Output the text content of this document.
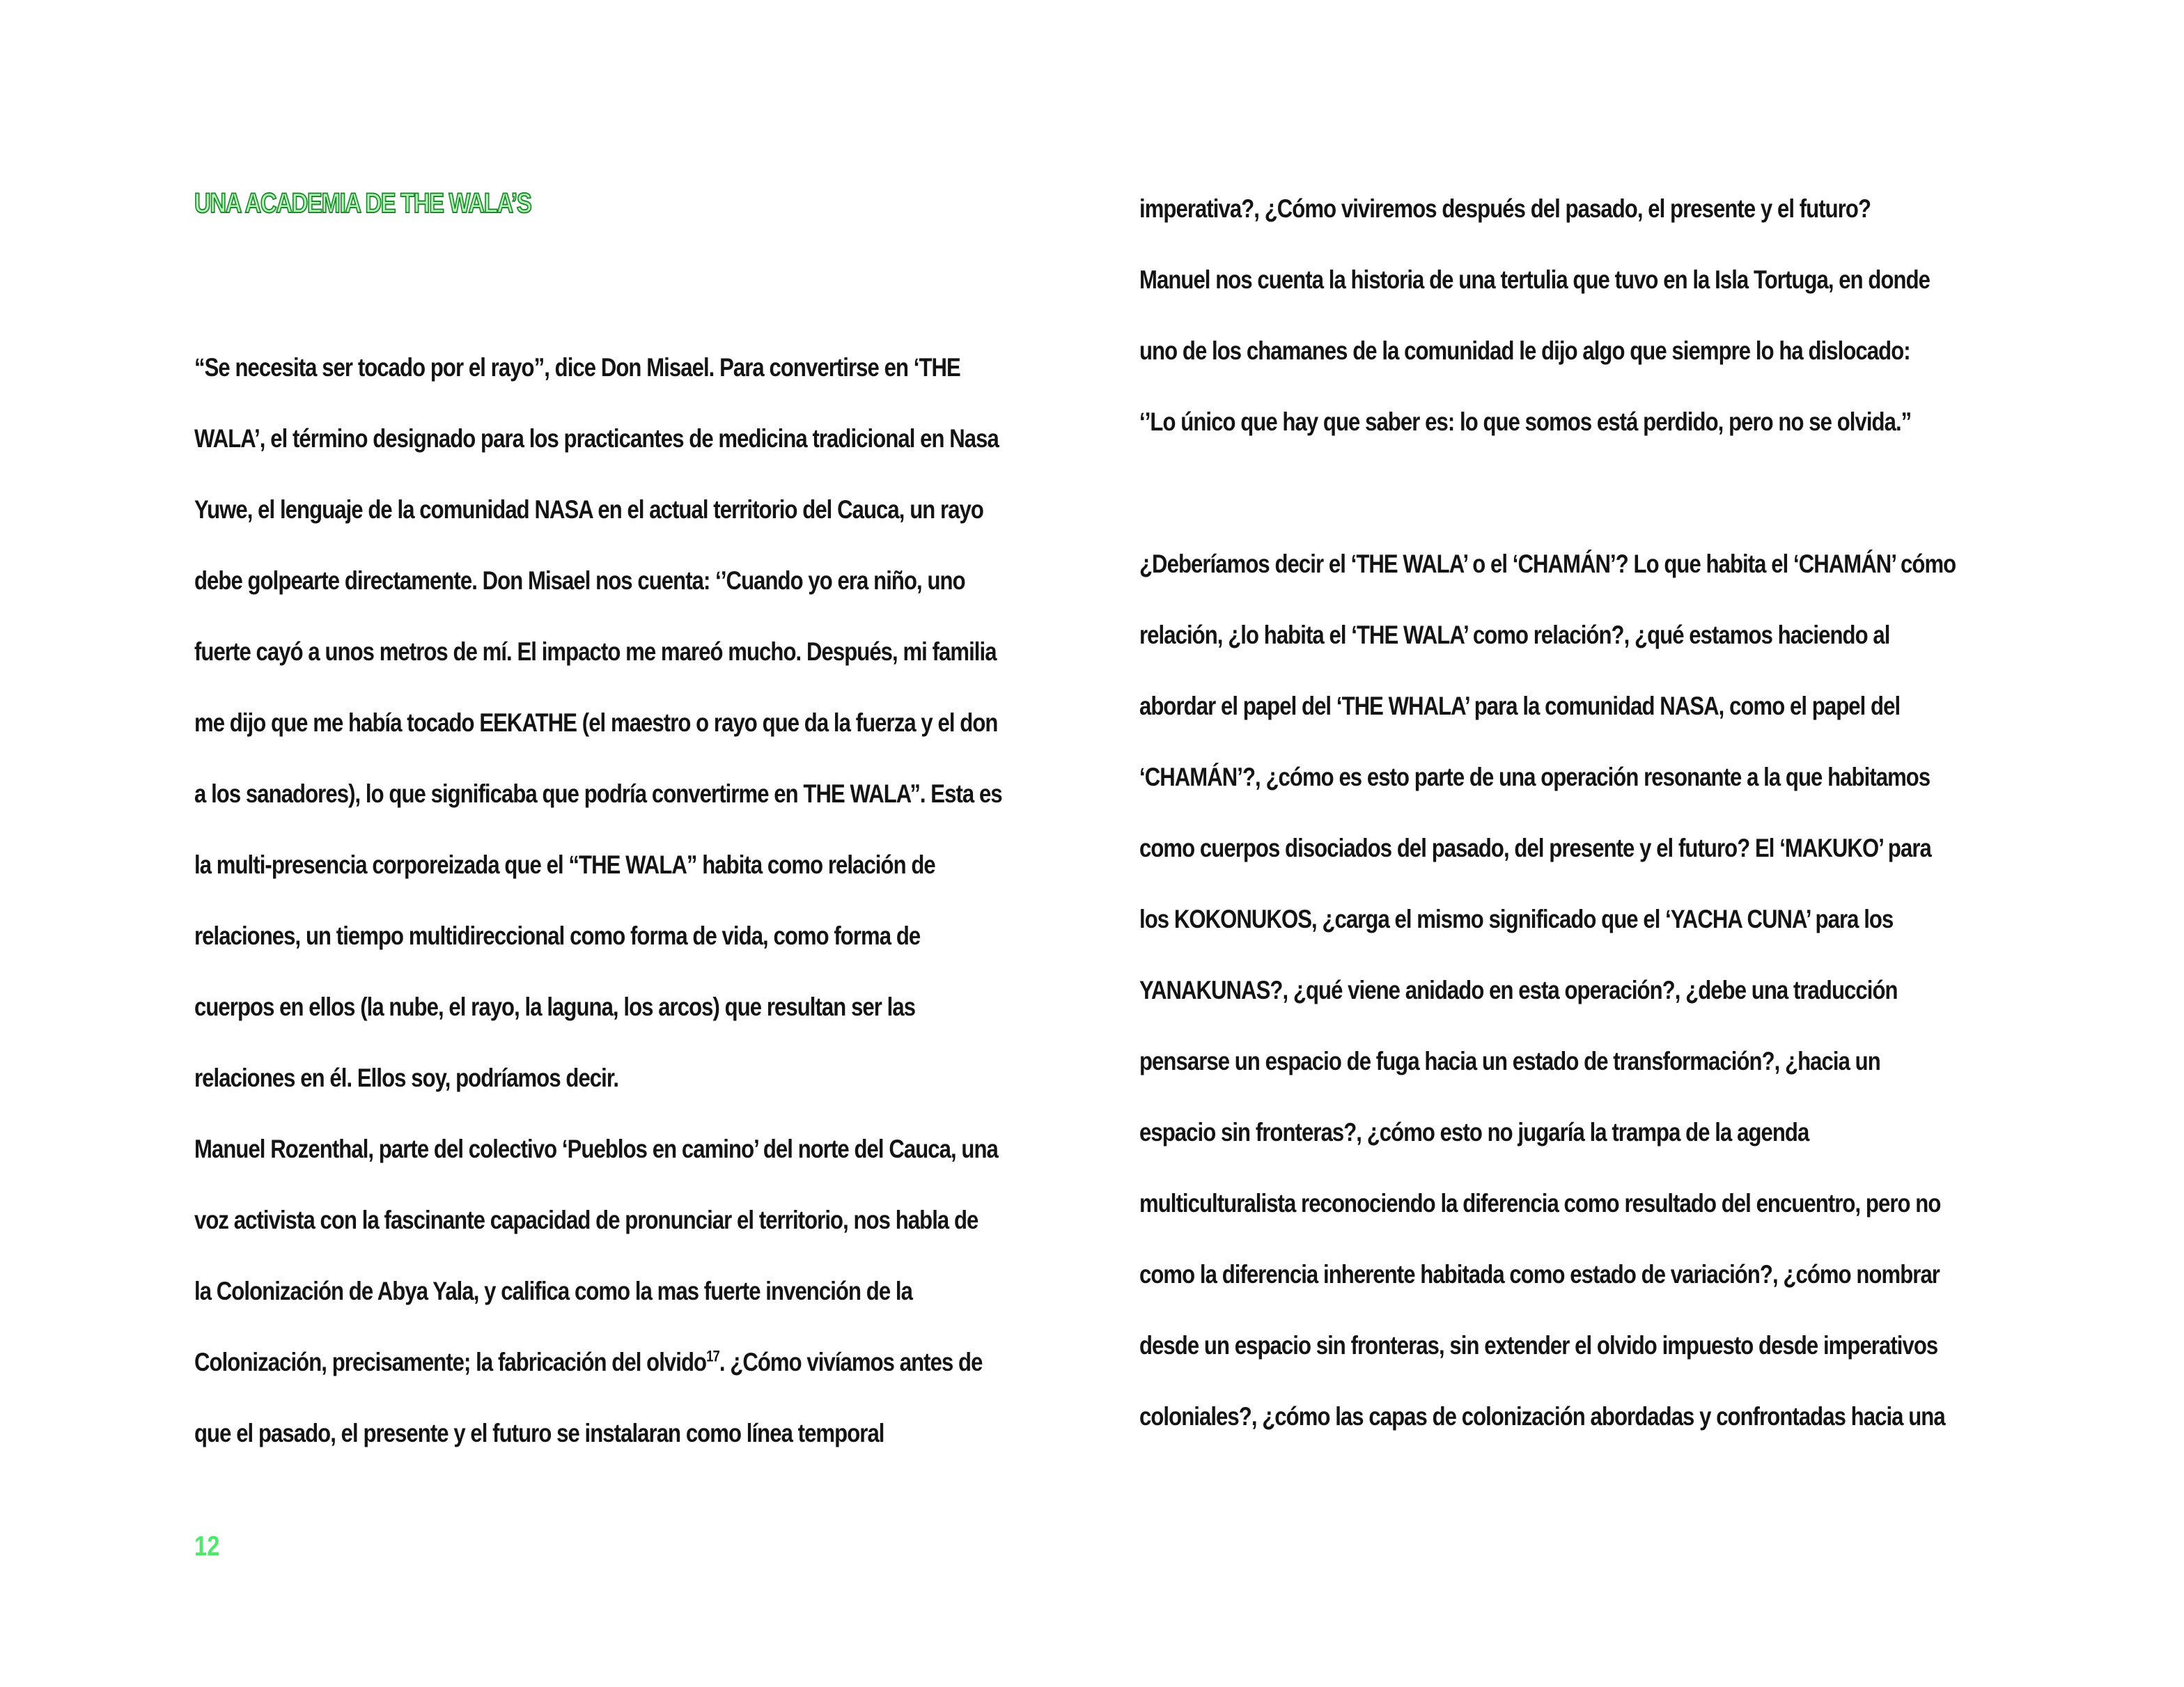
UNA ACADEMIA DE THE WALA’S

“Se necesita ser tocado por el rayo”, dice Don Misael. Para convertirse en ‘THE
WALA’, el término designado para los practicantes de medicina tradicional en Nasa
Yuwe, el lenguaje de la comunidad NASA en el actual territorio del Cauca, un rayo
debe golpearte directamente. Don Misael nos cuenta: ‘’Cuando yo era niño, uno
fuerte cayó a unos metros de mí. El impacto me mareó mucho. Después, mi familia
me dijo que me había tocado EEKATHE (el maestro o rayo que da la fuerza y el don
a los sanadores), lo que significaba que podría convertirme en THE WALA’’. Esta es
la multi-presencia corporeizada que el “THE WALA” habita como relación de
relaciones, un tiempo multidireccional como forma de vida, como forma de
cuerpos en ellos (la nube, el rayo, la laguna, los arcos) que resultan ser las
relaciones en él. Ellos soy, podríamos decir.
Manuel Rozenthal, parte del colectivo ‘Pueblos en camino’ del norte del Cauca, una
voz activista con la fascinante capacidad de pronunciar el territorio, nos habla de
la Colonización de Abya Yala, y califica como la mas fuerte invención de la
Colonización, precisamente; la fabricación del olvido$^{17}$. ¿Cómo vivíamos antes de
que el pasado, el presente y el futuro se instalaran como línea temporal

imperativa?, ¿Cómo viviremos después del pasado, el presente y el futuro?
Manuel nos cuenta la historia de una tertulia que tuvo en la Isla Tortuga, en donde
uno de los chamanes de la comunidad le dijo algo que siempre lo ha dislocado:
‘’Lo único que hay que saber es: lo que somos está perdido, pero no se olvida.”

¿Deberíamos decir el ‘THE WALA’ o el ‘CHAMÁN’? Lo que habita el ‘CHAMÁN’ cómo
relación, ¿lo habita el ‘THE WALA’ como relación?, ¿qué estamos haciendo al
abordar el papel del ‘THE WHALA’ para la comunidad NASA, como el papel del
‘CHAMÁN’?, ¿cómo es esto parte de una operación resonante a la que habitamos
como cuerpos disociados del pasado, del presente y el futuro? El ‘MAKUKO’ para
los KOKONUKOS, ¿carga el mismo significado que el ‘YACHA CUNA’ para los
YANAKUNAS?, ¿qué viene anidado en esta operación?, ¿debe una traducción
pensarse un espacio de fuga hacia un estado de transformación?, ¿hacia un
espacio sin fronteras?, ¿cómo esto no jugaría la trampa de la agenda
multiculturalista reconociendo la diferencia como resultado del encuentro, pero no
como la diferencia inherente habitada como estado de variación?, ¿cómo nombrar
desde un espacio sin fronteras, sin extender el olvido impuesto desde imperativos
coloniales?, ¿cómo las capas de colonización abordadas y confrontadas hacia una

12
